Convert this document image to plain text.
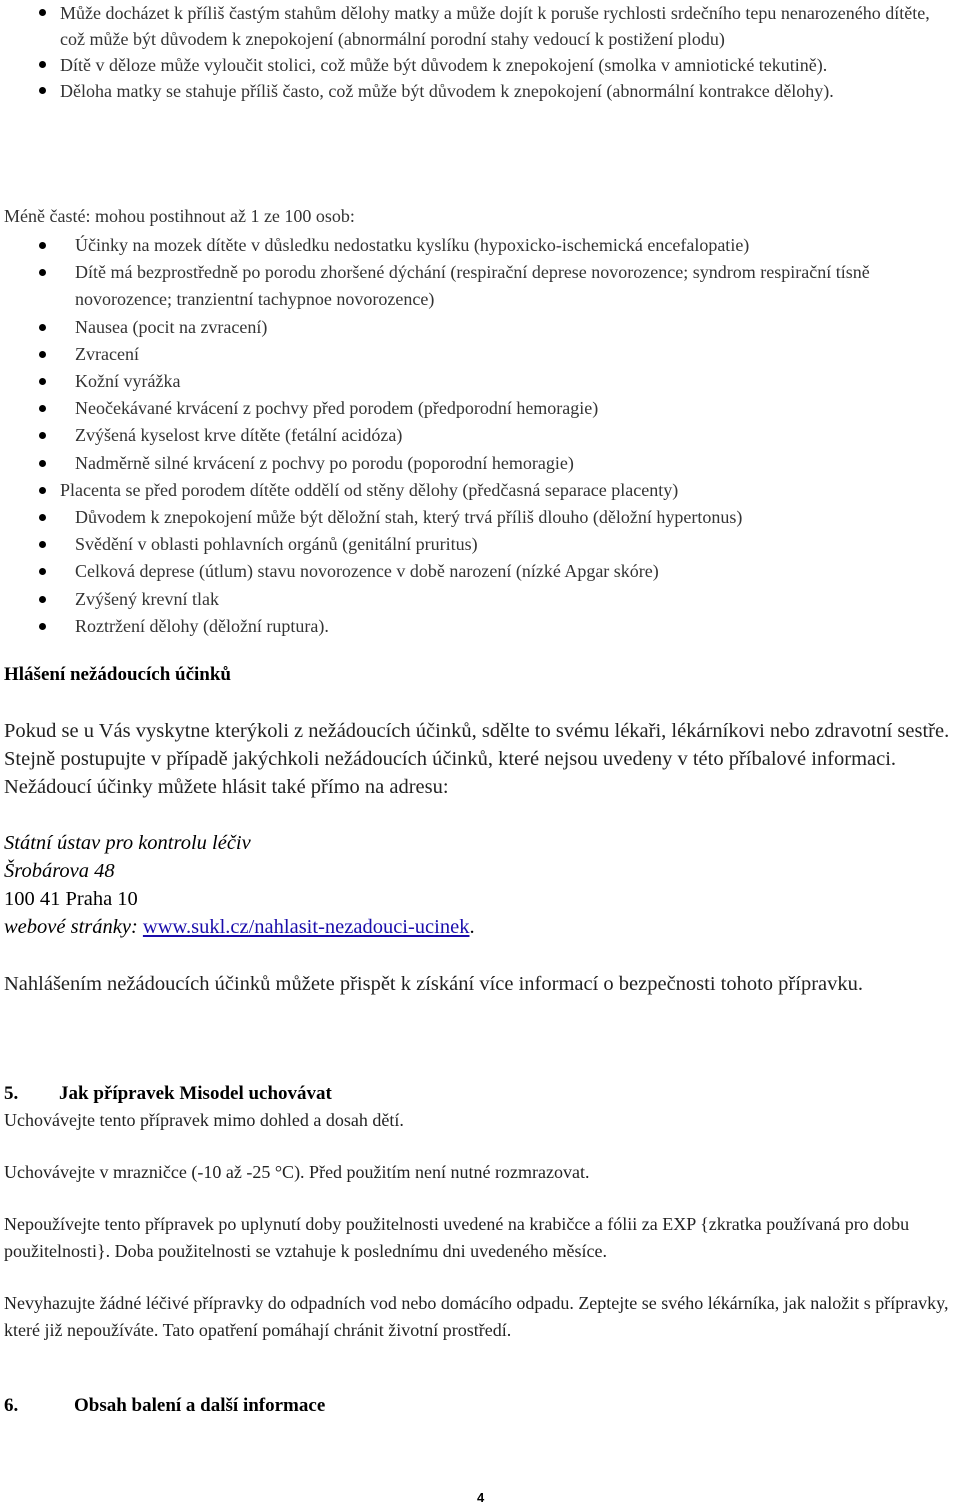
Může docházet k příliš častým stahům dělohy matky a může dojít k poruše rychlosti srdečního tepu nenarozeného dítěte, což může být důvodem k znepokojení (abnormální porodní stahy vedoucí k postižení plodu)
Dítě v děloze může vyloučit stolici, což může být důvodem k znepokojení (smolka v amniotické tekutině).
Děloha matky se stahuje příliš často, což může být důvodem k znepokojení (abnormální kontrakce dělohy).
Méně časté: mohou postihnout až 1 ze 100 osob:
Účinky na mozek dítěte v důsledku nedostatku kyslíku (hypoxicko-ischemická encefalopatie)
Dítě má bezprostředně po porodu zhoršené dýchání (respirační deprese novorozence; syndrom respirační tísně novorozence; tranzientní tachypnoe novorozence)
Nausea (pocit na zvracení)
Zvracení
Kožní vyrážka
Neočekávané krvácení z pochvy před porodem (předporodní hemoragie)
Zvýšená kyselost krve dítěte (fetální acidóza)
Nadměrně silné krvácení z pochvy po porodu (poporodní hemoragie)
Placenta se před porodem dítěte oddělí od stěny dělohy (předčasná separace placenty)
Důvodem k znepokojení může být děložní stah, který trvá příliš dlouho (děložní hypertonus)
Svědění v oblasti pohlavních orgánů (genitální pruritus)
Celková deprese (útlum) stavu novorozence v době narození (nízké Apgar skóre)
Zvýšený krevní tlak
Roztržení dělohy (děložní ruptura).
Hlášení nežádoucích účinků
Pokud se u Vás vyskytne kterýkoli z nežádoucích účinků, sdělte to svému lékaři, lékárníkovi nebo zdravotní sestře. Stejně postupujte v případě jakýchkoli nežádoucích účinků, které nejsou uvedeny v této příbalové informaci. Nežádoucí účinky můžete hlásit také přímo na adresu:
Státní ústav pro kontrolu léčiv
Šrobárova 48
100 41 Praha 10
webové stránky: www.sukl.cz/nahlasit-nezadouci-ucinek.
Nahlášením nežádoucích účinků můžete přispět k získání více informací o bezpečnosti tohoto přípravku.
5. Jak přípravek Misodel uchovávat
Uchovávejte tento přípravek mimo dohled a dosah dětí.
Uchovávejte v mrazničce (-10 až -25 °C). Před použitím není nutné rozmrazovat.
Nepoužívejte tento přípravek po uplynutí doby použitelnosti uvedené na krabičce a fólii za EXP {zkratka používaná pro dobu použitelnosti}. Doba použitelnosti se vztahuje k poslednímu dni uvedeného měsíce.
Nevyhazujte žádné léčivé přípravky do odpadních vod nebo domácího odpadu. Zeptejte se svého lékárníka, jak naložit s přípravky, které již nepoužíváte. Tato opatření pomáhají chránit životní prostředí.
6.	Obsah balení a další informace
4
